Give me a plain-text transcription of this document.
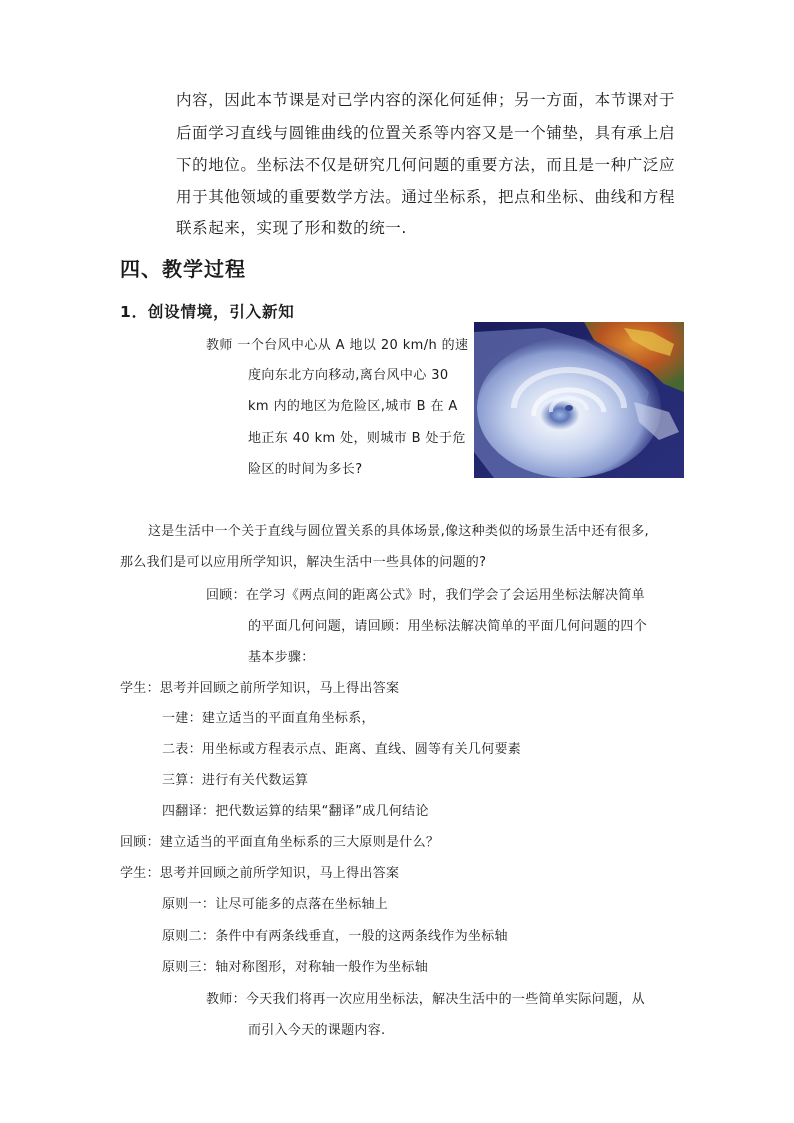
内容，因此本节课是对已学内容的深化何延伸；另一方面，本节课对于
后面学习直线与圆锥曲线的位置关系等内容又是一个铺垫，具有承上启
下的地位。坐标法不仅是研究几何问题的重要方法，而且是一种广泛应
用于其他领域的重要数学方法。通过坐标系，把点和坐标、曲线和方程
联系起来，实现了形和数的统一.
四、教学过程
1．创设情境，引入新知
教师 一个台风中心从 A 地以 20 km/h 的速
度向东北方向移动,离台风中心 30
km 内的地区为危险区,城市 B 在 A
地正东 40 km 处，则城市 B 处于危
险区的时间为多长?
这是生活中一个关于直线与圆位置关系的具体场景,像这种类似的场景生活中还有很多,
那么我们是可以应用所学知识，解决生活中一些具体的问题的?
回顾：在学习《两点间的距离公式》时，我们学会了会运用坐标法解决简单
的平面几何问题，请回顾：用坐标法解决简单的平面几何问题的四个
基本步骤：
学生：思考并回顾之前所学知识，马上得出答案
一建：建立适当的平面直角坐标系，
二表：用坐标或方程表示点、距离、直线、圆等有关几何要素
三算：进行有关代数运算
四翻译：把代数运算的结果“翻译”成几何结论
回顾：建立适当的平面直角坐标系的三大原则是什么？
学生：思考并回顾之前所学知识，马上得出答案
原则一：让尽可能多的点落在坐标轴上
原则二：条件中有两条线垂直，一般的这两条线作为坐标轴
原则三：轴对称图形，对称轴一般作为坐标轴
教师：今天我们将再一次应用坐标法，解决生活中的一些简单实际问题，从
而引入今天的课题内容.
